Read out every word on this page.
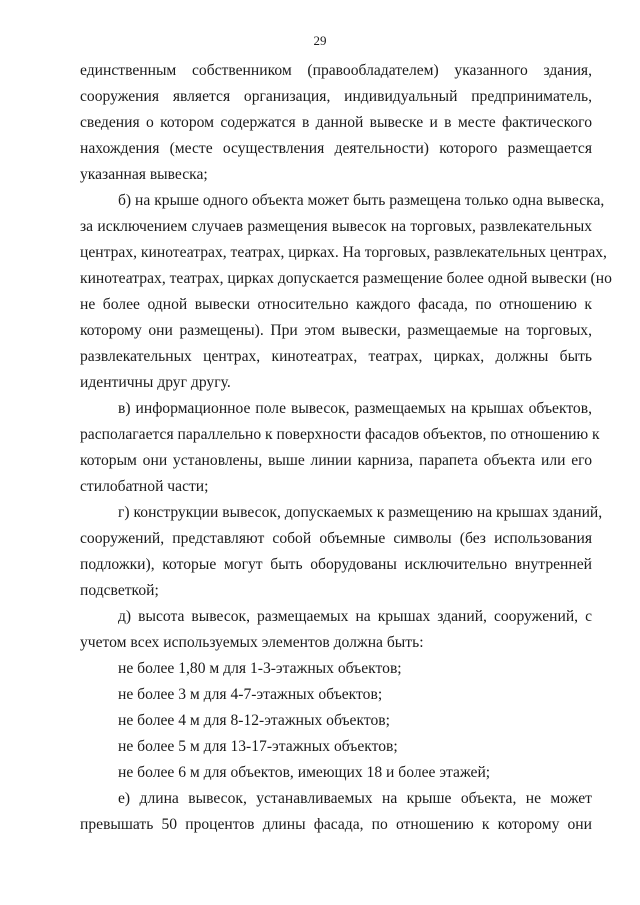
29
единственным собственником (правообладателем) указанного здания,
сооружения является организация, индивидуальный предприниматель,
сведения о котором содержатся в данной вывеске и в месте фактического
нахождения (месте осуществления деятельности) которого размещается
указанная вывеска;
б) на крыше одного объекта может быть размещена только одна вывеска,
за исключением случаев размещения вывесок на торговых, развлекательных
центрах, кинотеатрах, театрах, цирках. На торговых, развлекательных центрах,
кинотеатрах, театрах, цирках допускается размещение более одной вывески (но
не более одной вывески относительно каждого фасада, по отношению к
которому они размещены). При этом вывески, размещаемые на торговых,
развлекательных центрах, кинотеатрах, театрах, цирках, должны быть
идентичны друг другу.
в) информационное поле вывесок, размещаемых на крышах объектов,
располагается параллельно к поверхности фасадов объектов, по отношению к
которым они установлены, выше линии карниза, парапета объекта или его
стилобатной части;
г) конструкции вывесок, допускаемых к размещению на крышах зданий,
сооружений, представляют собой объемные символы (без использования
подложки), которые могут быть оборудованы исключительно внутренней
подсветкой;
д) высота вывесок, размещаемых на крышах зданий, сооружений, с
учетом всех используемых элементов должна быть:
не более 1,80 м для 1-3-этажных объектов;
не более 3 м для 4-7-этажных объектов;
не более 4 м для 8-12-этажных объектов;
не более 5 м для 13-17-этажных объектов;
не более 6 м для объектов, имеющих 18 и более этажей;
е) длина вывесок, устанавливаемых на крыше объекта, не может
превышать 50 процентов длины фасада, по отношению к которому они
